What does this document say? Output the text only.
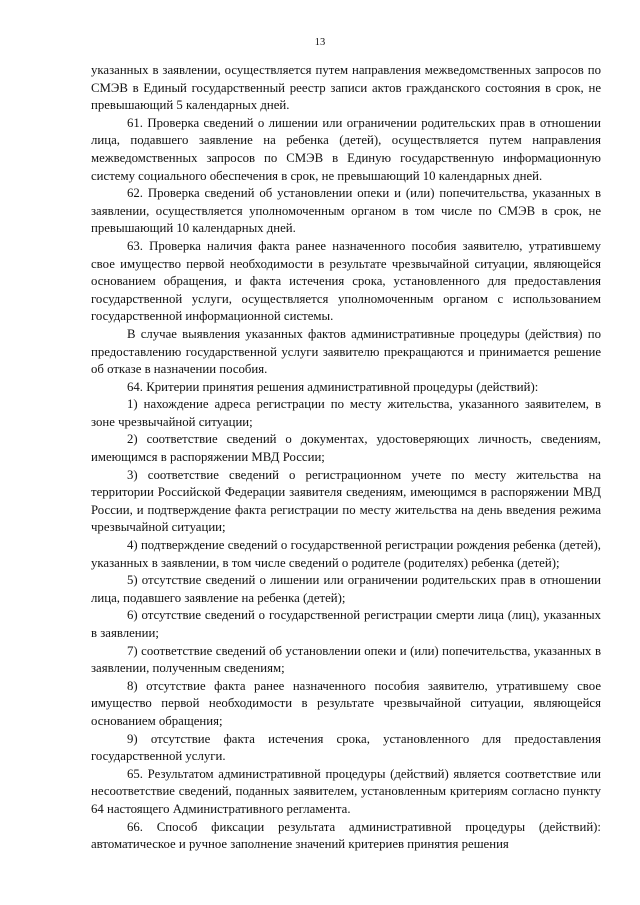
13

указанных в заявлении, осуществляется путем направления межведомственных запросов по СМЭВ в Единый государственный реестр записи актов гражданского состояния в срок, не превышающий 5 календарных дней.

61. Проверка сведений о лишении или ограничении родительских прав в отношении лица, подавшего заявление на ребенка (детей), осуществляется путем направления межведомственных запросов по СМЭВ в Единую государственную информационную систему социального обеспечения в срок, не превышающий 10 календарных дней.

62. Проверка сведений об установлении опеки и (или) попечительства, указанных в заявлении, осуществляется уполномоченным органом в том числе по СМЭВ в срок, не превышающий 10 календарных дней.

63. Проверка наличия факта ранее назначенного пособия заявителю, утратившему свое имущество первой необходимости в результате чрезвычайной ситуации, являющейся основанием обращения, и факта истечения срока, установленного для предоставления государственной услуги, осуществляется уполномоченным органом с использованием государственной информационной системы.

В случае выявления указанных фактов административные процедуры (действия) по предоставлению государственной услуги заявителю прекращаются и принимается решение об отказе в назначении пособия.

64. Критерии принятия решения административной процедуры (действий):

1) нахождение адреса регистрации по месту жительства, указанного заявителем, в зоне чрезвычайной ситуации;

2) соответствие сведений о документах, удостоверяющих личность, сведениям, имеющимся в распоряжении МВД России;

3) соответствие сведений о регистрационном учете по месту жительства на территории Российской Федерации заявителя сведениям, имеющимся в распоряжении МВД России, и подтверждение факта регистрации по месту жительства на день введения режима чрезвычайной ситуации;

4) подтверждение сведений о государственной регистрации рождения ребенка (детей), указанных в заявлении, в том числе сведений о родителе (родителях) ребенка (детей);

5) отсутствие сведений о лишении или ограничении родительских прав в отношении лица, подавшего заявление на ребенка (детей);

6) отсутствие сведений о государственной регистрации смерти лица (лиц), указанных в заявлении;

7) соответствие сведений об установлении опеки и (или) попечительства, указанных в заявлении, полученным сведениям;

8) отсутствие факта ранее назначенного пособия заявителю, утратившему свое имущество первой необходимости в результате чрезвычайной ситуации, являющейся основанием обращения;

9) отсутствие факта истечения срока, установленного для предоставления государственной услуги.

65. Результатом административной процедуры (действий) является соответствие или несоответствие сведений, поданных заявителем, установленным критериям согласно пункту 64 настоящего Административного регламента.

66. Способ фиксации результата административной процедуры (действий): автоматическое и ручное заполнение значений критериев принятия решения
